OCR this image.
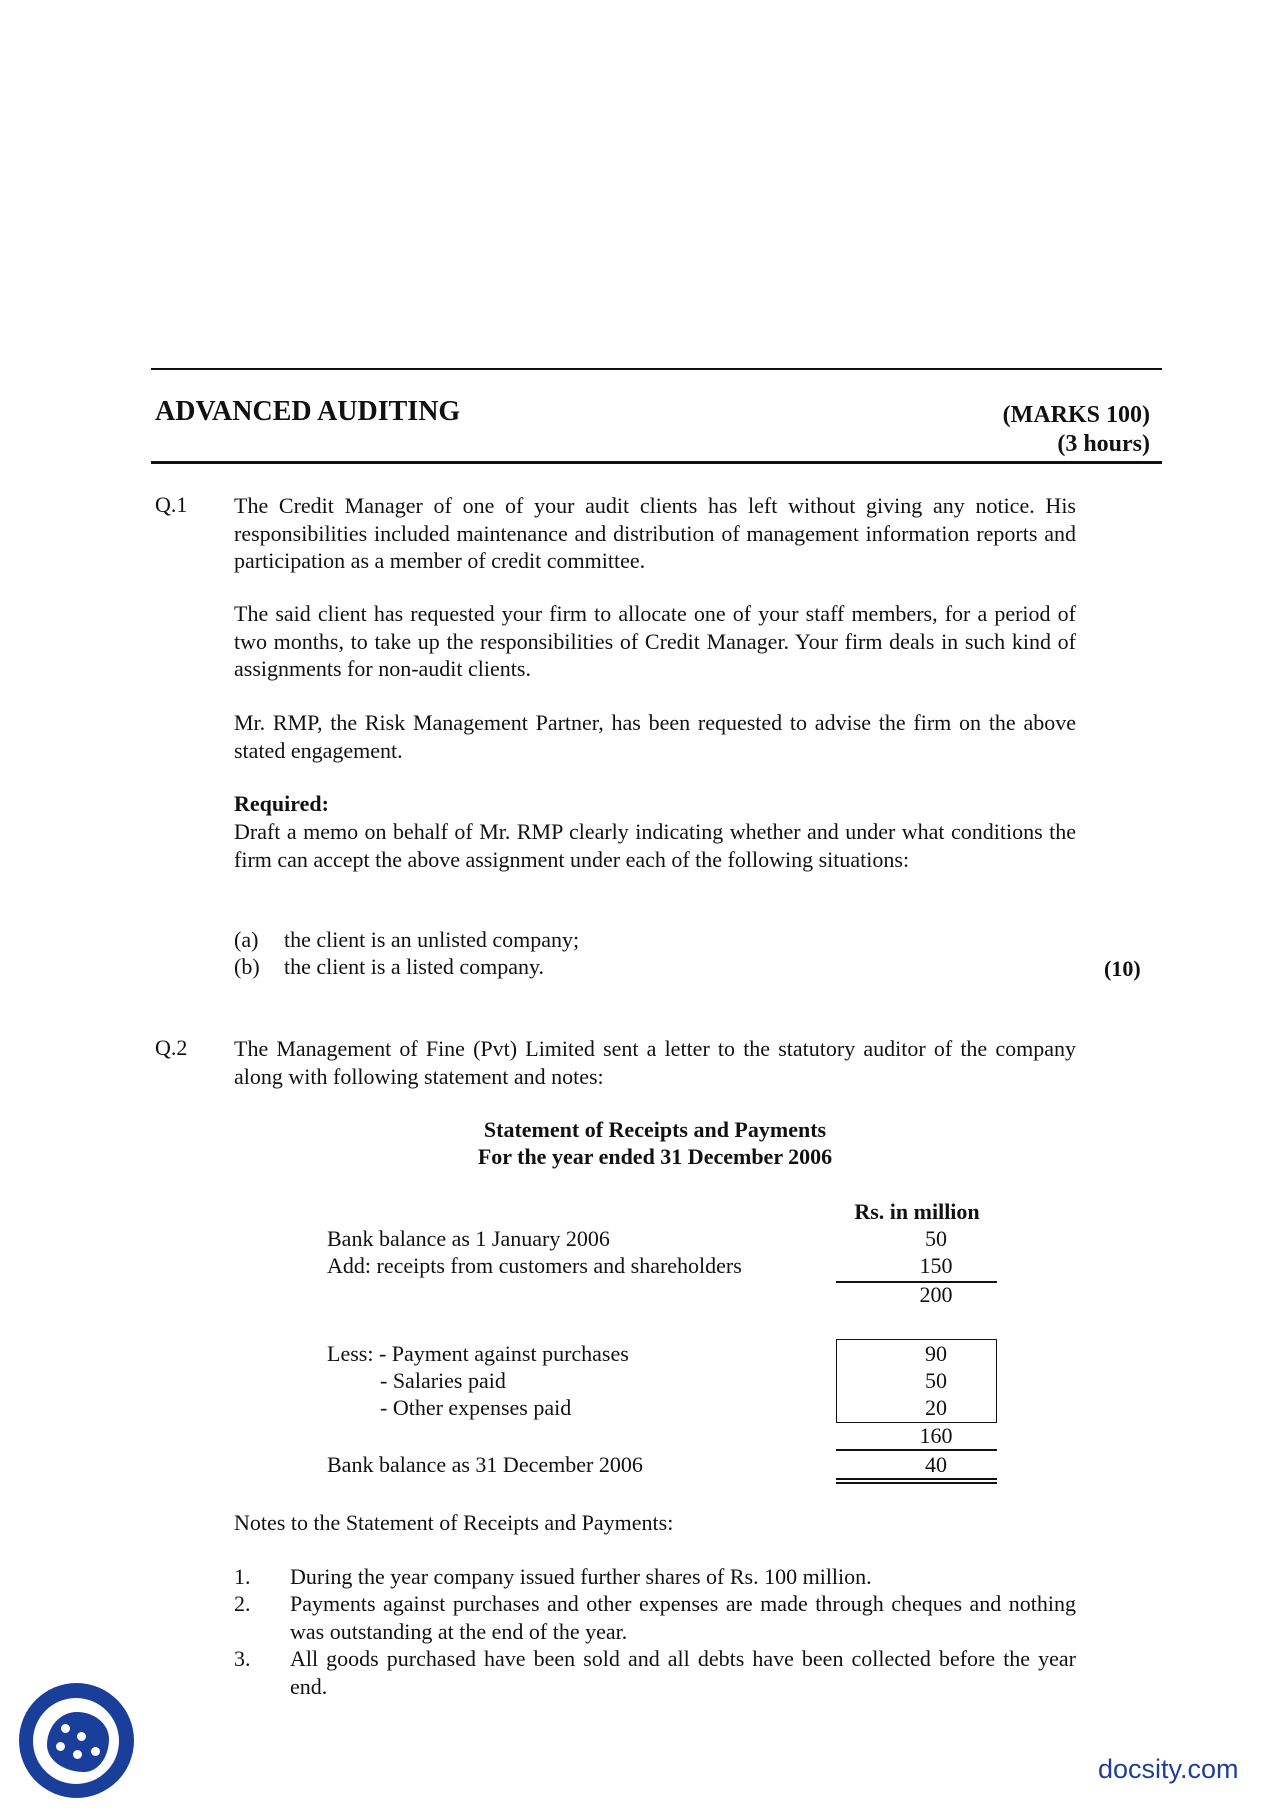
ADVANCED AUDITING	(MARKS 100)
(3 hours)
Q.1 The Credit Manager of one of your audit clients has left without giving any notice. His responsibilities included maintenance and distribution of management information reports and participation as a member of credit committee.
The said client has requested your firm to allocate one of your staff members, for a period of two months, to take up the responsibilities of Credit Manager. Your firm deals in such kind of assignments for non-audit clients.
Mr. RMP, the Risk Management Partner, has been requested to advise the firm on the above stated engagement.
Required:
Draft a memo on behalf of Mr. RMP clearly indicating whether and under what conditions the firm can accept the above assignment under each of the following situations:
(a) the client is an unlisted company;
(b) the client is a listed company.	(10)
Q.2 The Management of Fine (Pvt) Limited sent a letter to the statutory auditor of the company along with following statement and notes:
Statement of Receipts and Payments
For the year ended 31 December 2006
Rs. in million
Bank balance as 1 January 2006	50
Add: receipts from customers and shareholders	150
200
Less: - Payment against purchases	90
- Salaries paid	50
- Other expenses paid	20
160
Bank balance as 31 December 2006	40
Notes to the Statement of Receipts and Payments:
1. During the year company issued further shares of Rs. 100 million.
2. Payments against purchases and other expenses are made through cheques and nothing was outstanding at the end of the year.
3. All goods purchased have been sold and all debts have been collected before the year end.
docsity.com
